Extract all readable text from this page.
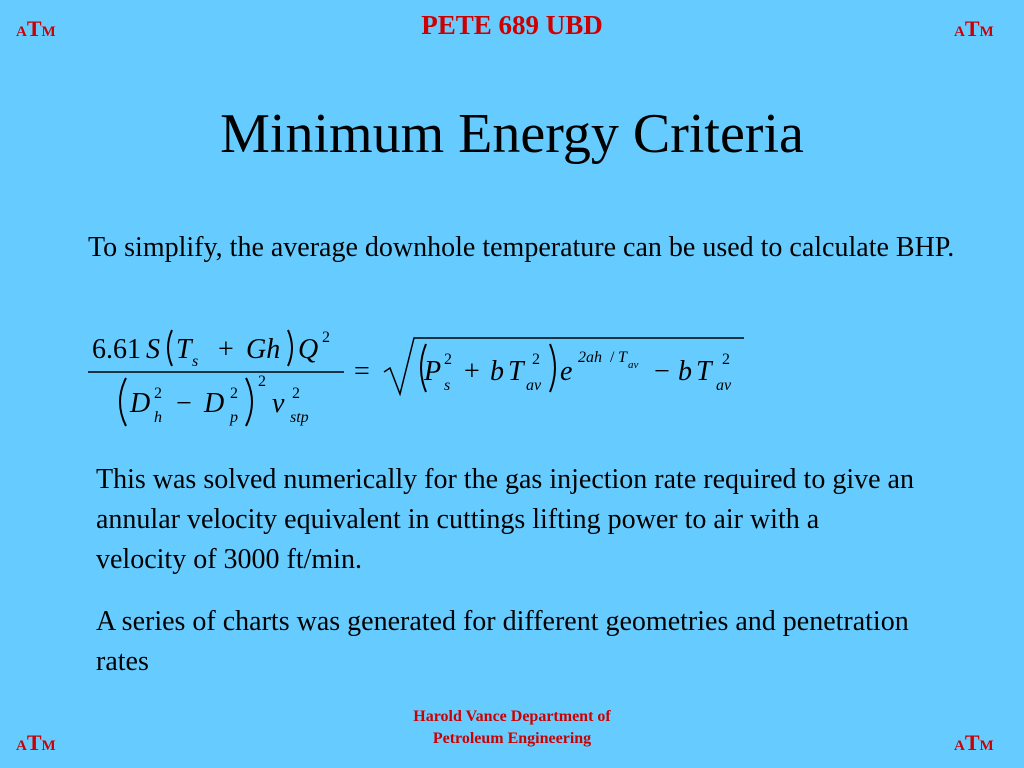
ATM	ATM
ATM	ATM
PETE 689 UBD
Minimum Energy Criteria
To simplify, the average downhole temperature can be used to calculate BHP.
6.61 S T s + Gh Q 2
D 2
h − D 2
p
2
v 2
stp
= P 2
s + b T 2
av e 2ah / T av − b T 2
av
This was solved numerically for the gas injection rate required to give an annular velocity equivalent in cuttings lifting power to air with a velocity of 3000 ft/min.
A series of charts was generated for different geometries and penetration rates
Harold Vance Department of
Petroleum Engineering
